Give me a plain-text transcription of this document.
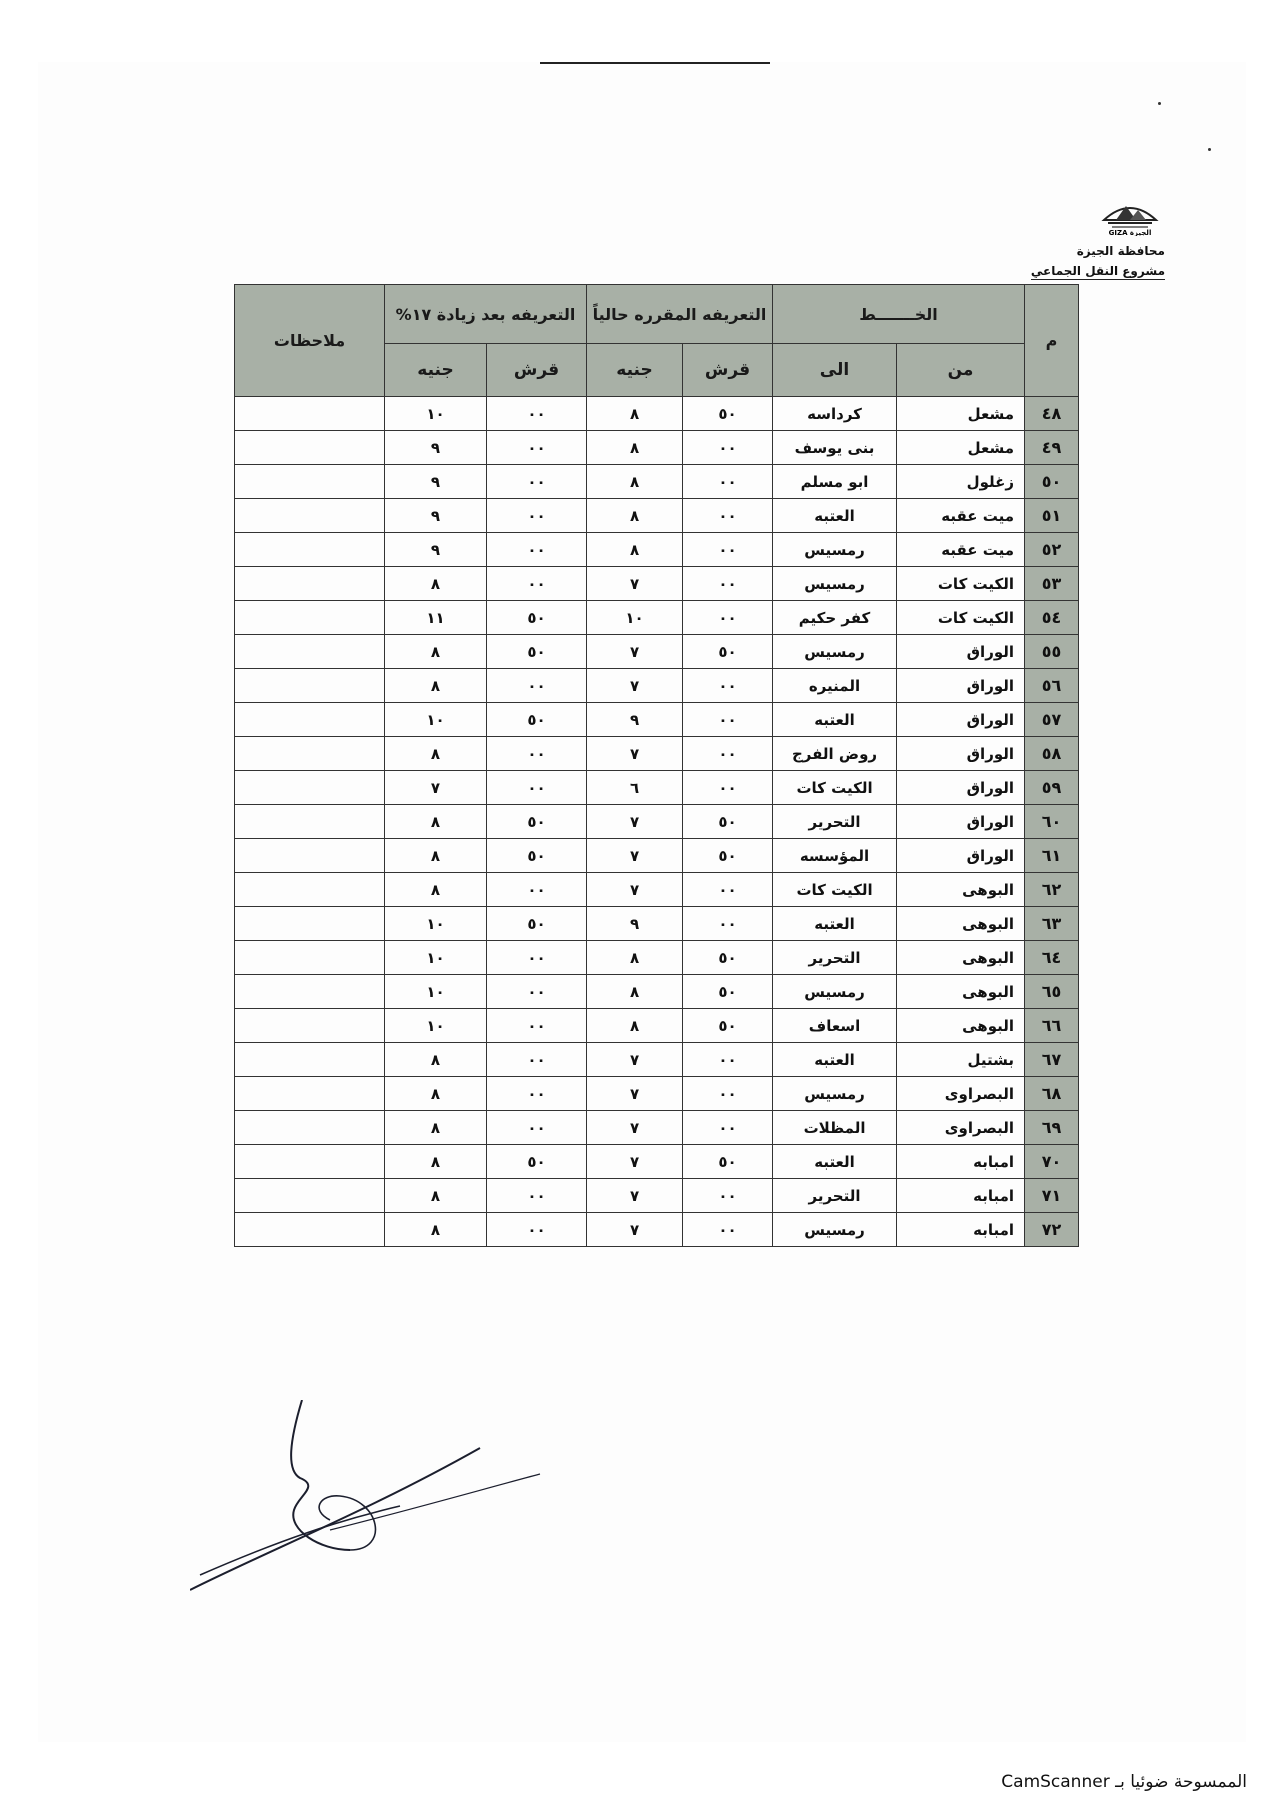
GIZA الجيزة
محافظة الجيزة
مشروع النقل الجماعي
م	الخـــــــط		التعريفه المقرره حالياً		التعريفه بعد زيادة ١٧%		ملاحظات
	من	الى	قرش	جنيه	قرش	جنيه	
٤٨	مشعل	كرداسه	٥٠	٨	٠٠	١٠	
٤٩	مشعل	بنى يوسف	٠٠	٨	٠٠	٩	
٥٠	زغلول	ابو مسلم	٠٠	٨	٠٠	٩	
٥١	ميت عقبه	العتبه	٠٠	٨	٠٠	٩	
٥٢	ميت عقبه	رمسيس	٠٠	٨	٠٠	٩	
٥٣	الكيت كات	رمسيس	٠٠	٧	٠٠	٨	
٥٤	الكيت كات	كفر حكيم	٠٠	١٠	٥٠	١١	
٥٥	الوراق	رمسيس	٥٠	٧	٥٠	٨	
٥٦	الوراق	المنيره	٠٠	٧	٠٠	٨	
٥٧	الوراق	العتبه	٠٠	٩	٥٠	١٠	
٥٨	الوراق	روض الفرج	٠٠	٧	٠٠	٨	
٥٩	الوراق	الكيت كات	٠٠	٦	٠٠	٧	
٦٠	الوراق	التحرير	٥٠	٧	٥٠	٨	
٦١	الوراق	المؤسسه	٥٠	٧	٥٠	٨	
٦٢	البوهى	الكيت كات	٠٠	٧	٠٠	٨	
٦٣	البوهى	العتبه	٠٠	٩	٥٠	١٠	
٦٤	البوهى	التحرير	٥٠	٨	٠٠	١٠	
٦٥	البوهى	رمسيس	٥٠	٨	٠٠	١٠	
٦٦	البوهى	اسعاف	٥٠	٨	٠٠	١٠	
٦٧	بشتيل	العتبه	٠٠	٧	٠٠	٨	
٦٨	البصراوى	رمسيس	٠٠	٧	٠٠	٨	
٦٩	البصراوى	المظلات	٠٠	٧	٠٠	٨	
٧٠	امبابه	العتبه	٥٠	٧	٥٠	٨	
٧١	امبابه	التحرير	٠٠	٧	٠٠	٨	
٧٢	امبابه	رمسيس	٠٠	٧	٠٠	٨	
الممسوحة ضوئيا بـ CamScanner
